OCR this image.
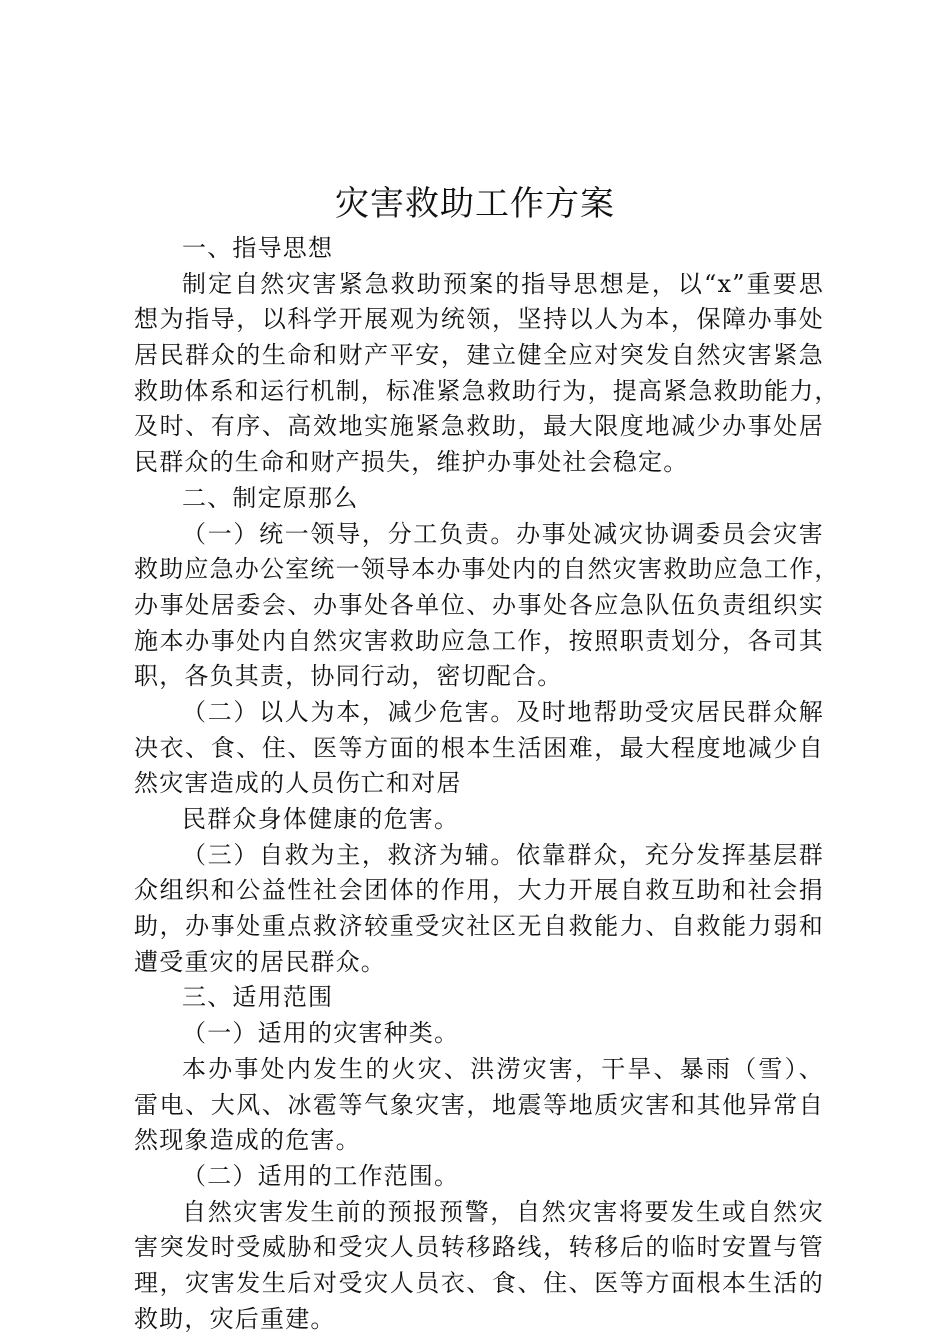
灾害救助工作方案
一、指导思想
制定自然灾害紧急救助预案的指导思想是，以“x”重要思
想为指导，以科学开展观为统领，坚持以人为本，保障办事处
居民群众的生命和财产平安，建立健全应对突发自然灾害紧急
救助体系和运行机制，标准紧急救助行为，提高紧急救助能力，
及时、有序、高效地实施紧急救助，最大限度地减少办事处居
民群众的生命和财产损失，维护办事处社会稳定。
二、制定原那么
（一）统一领导，分工负责。办事处减灾协调委员会灾害
救助应急办公室统一领导本办事处内的自然灾害救助应急工作，
办事处居委会、办事处各单位、办事处各应急队伍负责组织实
施本办事处内自然灾害救助应急工作，按照职责划分，各司其
职，各负其责，协同行动，密切配合。
（二）以人为本，减少危害。及时地帮助受灾居民群众解
决衣、食、住、医等方面的根本生活困难，最大程度地减少自
然灾害造成的人员伤亡和对居
民群众身体健康的危害。
（三）自救为主，救济为辅。依靠群众，充分发挥基层群
众组织和公益性社会团体的作用，大力开展自救互助和社会捐
助，办事处重点救济较重受灾社区无自救能力、自救能力弱和
遭受重灾的居民群众。
三、适用范围
（一）适用的灾害种类。
本办事处内发生的火灾、洪涝灾害，干旱、暴雨（雪）、
雷电、大风、冰雹等气象灾害，地震等地质灾害和其他异常自
然现象造成的危害。
（二）适用的工作范围。
自然灾害发生前的预报预警，自然灾害将要发生或自然灾
害突发时受威胁和受灾人员转移路线，转移后的临时安置与管
理，灾害发生后对受灾人员衣、食、住、医等方面根本生活的
救助，灾后重建。
